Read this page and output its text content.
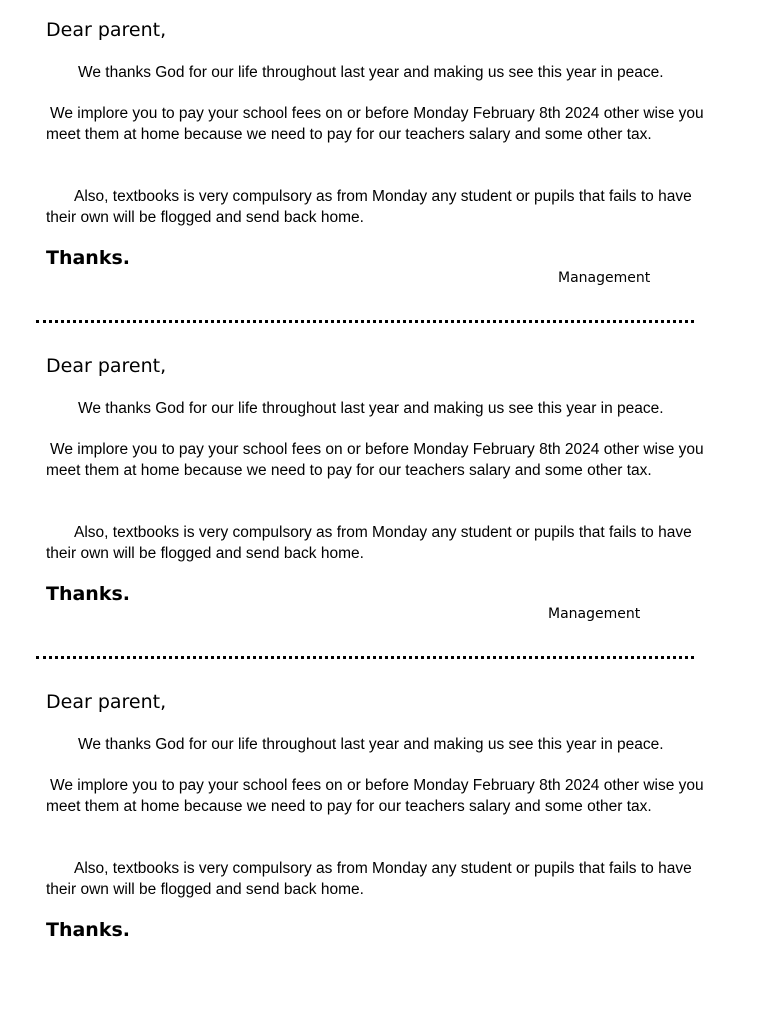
Dear parent,

We thanks God for our life throughout last year and making us see this year in peace.

We implore you to pay your school fees on or before Monday February 8th 2024 other wise you meet them at home because we need to pay for our teachers salary and some other tax.

Also, textbooks is very compulsory as from Monday any student or pupils that fails to have their own will be flogged and send back home.

Thanks.

Management

Dear parent,

We thanks God for our life throughout last year and making us see this year in peace.

We implore you to pay your school fees on or before Monday February 8th 2024 other wise you meet them at home because we need to pay for our teachers salary and some other tax.

Also, textbooks is very compulsory as from Monday any student or pupils that fails to have their own will be flogged and send back home.

Thanks.

Management

Dear parent,

We thanks God for our life throughout last year and making us see this year in peace.

We implore you to pay your school fees on or before Monday February 8th 2024 other wise you meet them at home because we need to pay for our teachers salary and some other tax.

Also, textbooks is very compulsory as from Monday any student or pupils that fails to have their own will be flogged and send back home.

Thanks.
